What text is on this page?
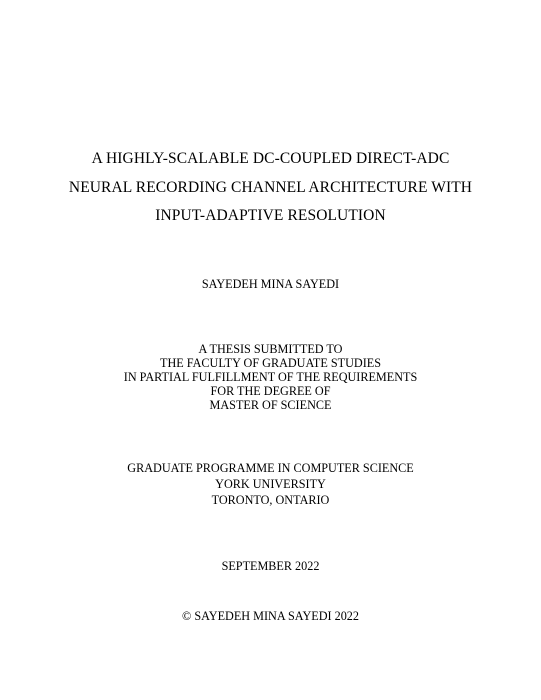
A HIGHLY-SCALABLE DC-COUPLED DIRECT-ADC
NEURAL RECORDING CHANNEL ARCHITECTURE WITH
INPUT-ADAPTIVE RESOLUTION
SAYEDEH MINA SAYEDI
A THESIS SUBMITTED TO
THE FACULTY OF GRADUATE STUDIES
IN PARTIAL FULFILLMENT OF THE REQUIREMENTS
FOR THE DEGREE OF
MASTER OF SCIENCE
GRADUATE PROGRAMME IN COMPUTER SCIENCE
YORK UNIVERSITY
TORONTO, ONTARIO
SEPTEMBER 2022
© SAYEDEH MINA SAYEDI 2022
